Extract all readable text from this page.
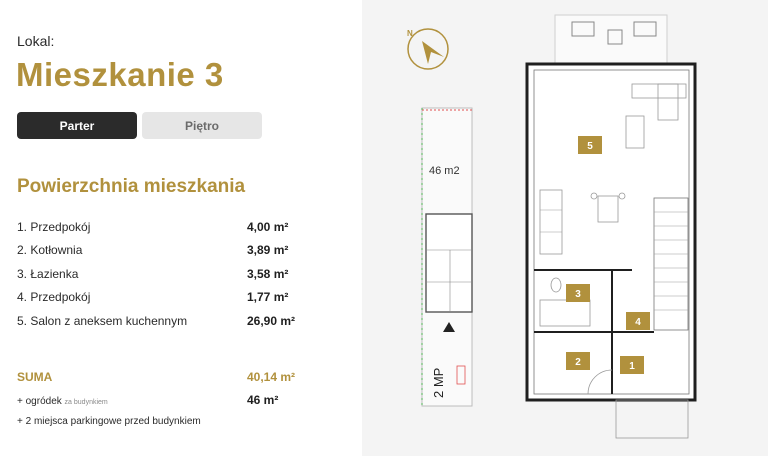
Lokal:
Mieszkanie 3
Parter	Piętro
Powierzchnia mieszkania
1. Przedpokój	4,00 m²
2. Kotłownia	3,89 m²
3. Łazienka	3,58 m²
4. Przedpokój	1,77 m²
5. Salon z aneksem kuchennym	26,90 m²
SUMA	40,14 m²
+ ogródek za budynkiem	46 m²
+ 2 miejsca parkingowe przed budynkiem
N
46 m2
2 MP
5
3
4
2	1
